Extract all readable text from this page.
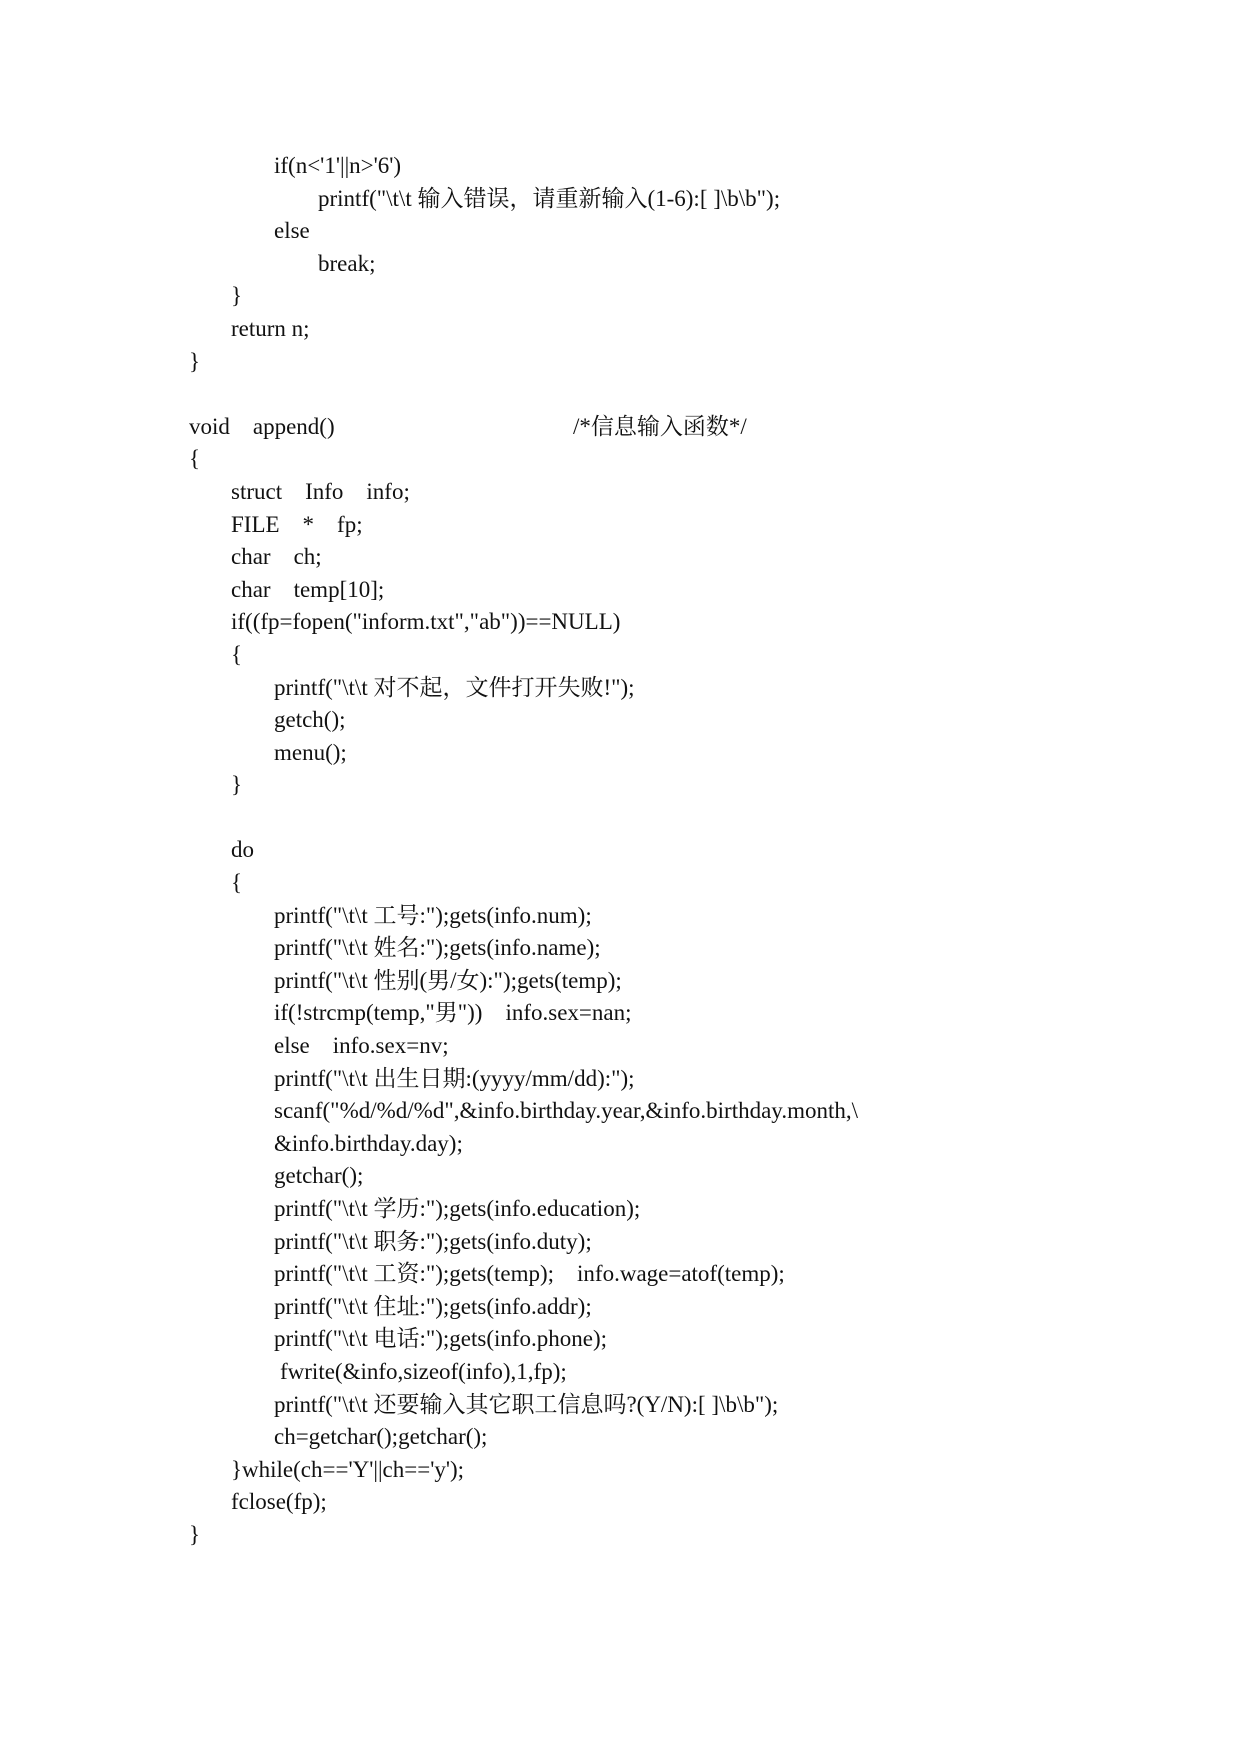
if(n<'1'||n>'6')
printf("\t\t 输入错误，请重新输入(1-6):[ ]\b\b");
else
break;
}
return n;
}

void    append()

	/*信息输入函数*/

{
struct    Info    info;
FILE    *    fp;
char    ch;
char    temp[10];
if((fp=fopen("inform.txt","ab"))==NULL)
{
printf("\t\t 对不起，文件打开失败!");
getch();
menu();
}
do
{
printf("\t\t 工号:");gets(info.num);
printf("\t\t 姓名:");gets(info.name);
printf("\t\t 性别(男/女):");gets(temp);
if(!strcmp(temp,"男"))    info.sex=nan;
else    info.sex=nv;
printf("\t\t 出生日期:(yyyy/mm/dd):");
scanf("%d/%d/%d",&info.birthday.year,&info.birthday.month,\
&info.birthday.day);
getchar();
printf("\t\t 学历:");gets(info.education);
printf("\t\t 职务:");gets(info.duty);
printf("\t\t 工资:");gets(temp);    info.wage=atof(temp);
printf("\t\t 住址:");gets(info.addr);
printf("\t\t 电话:");gets(info.phone);
fwrite(&info,sizeof(info),1,fp);
printf("\t\t 还要输入其它职工信息吗?(Y/N):[ ]\b\b");
ch=getchar();getchar();
}while(ch=='Y'||ch=='y');
fclose(fp);
}
